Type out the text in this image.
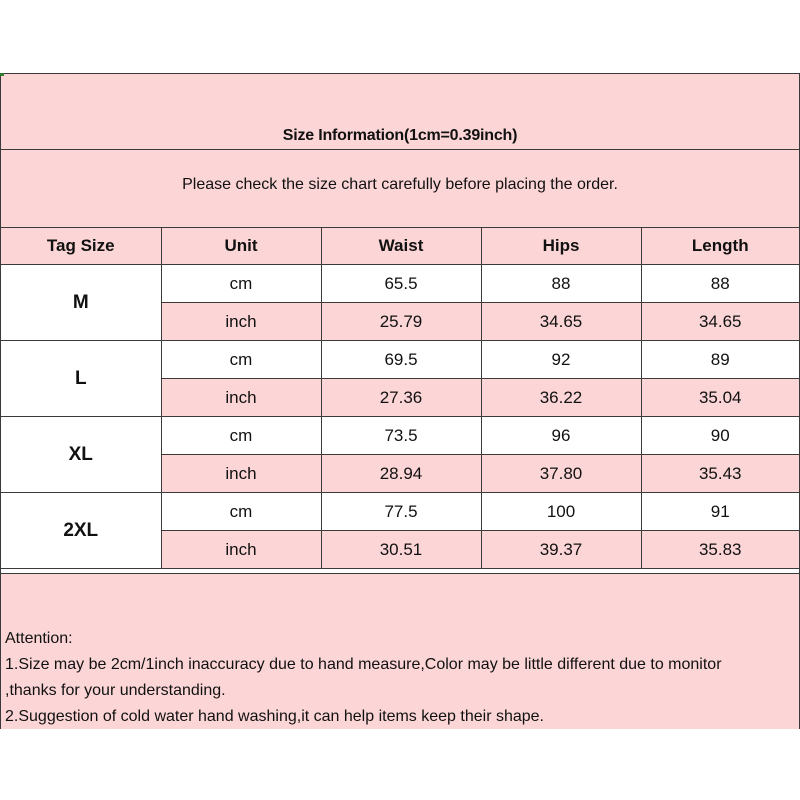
Size Information(1cm=0.39inch)
Please check the size chart carefully before placing the order.
Tag Size	Unit	Waist	Hips	Length
M	cm	65.5	88	88
	inch	25.79	34.65	34.65
L	cm	69.5	92	89
	inch	27.36	36.22	35.04
XL	cm	73.5	96	90
	inch	28.94	37.80	35.43
2XL	cm	77.5	100	91
	inch	30.51	39.37	35.83
Attention:
1.Size may be 2cm/1inch inaccuracy due to hand measure,Color may be little different due to monitor
,thanks for your understanding.
2.Suggestion of cold water hand washing,it can help items keep their shape.
